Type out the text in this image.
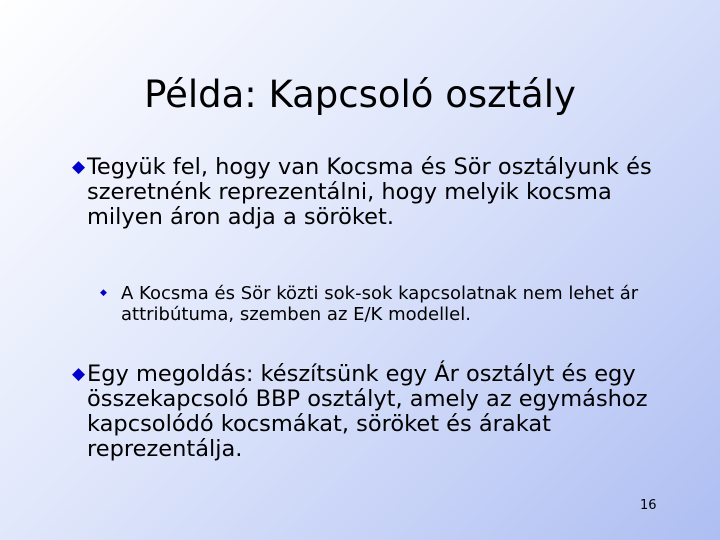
Példa: Kapcsoló osztály
◆Tegyük fel, hogy van Kocsma és Sör osztályunk és szeretnénk reprezentálni, hogy melyik kocsma milyen áron adja a söröket.
◆ A Kocsma és Sör közti sok-sok kapcsolatnak nem lehet ár attribútuma, szemben az E/K modellel.
◆Egy megoldás: készítsünk egy Ár osztályt és egy összekapcsoló BBP osztályt, amely az egymáshoz kapcsolódó kocsmákat, söröket és árakat reprezentálja.
16
